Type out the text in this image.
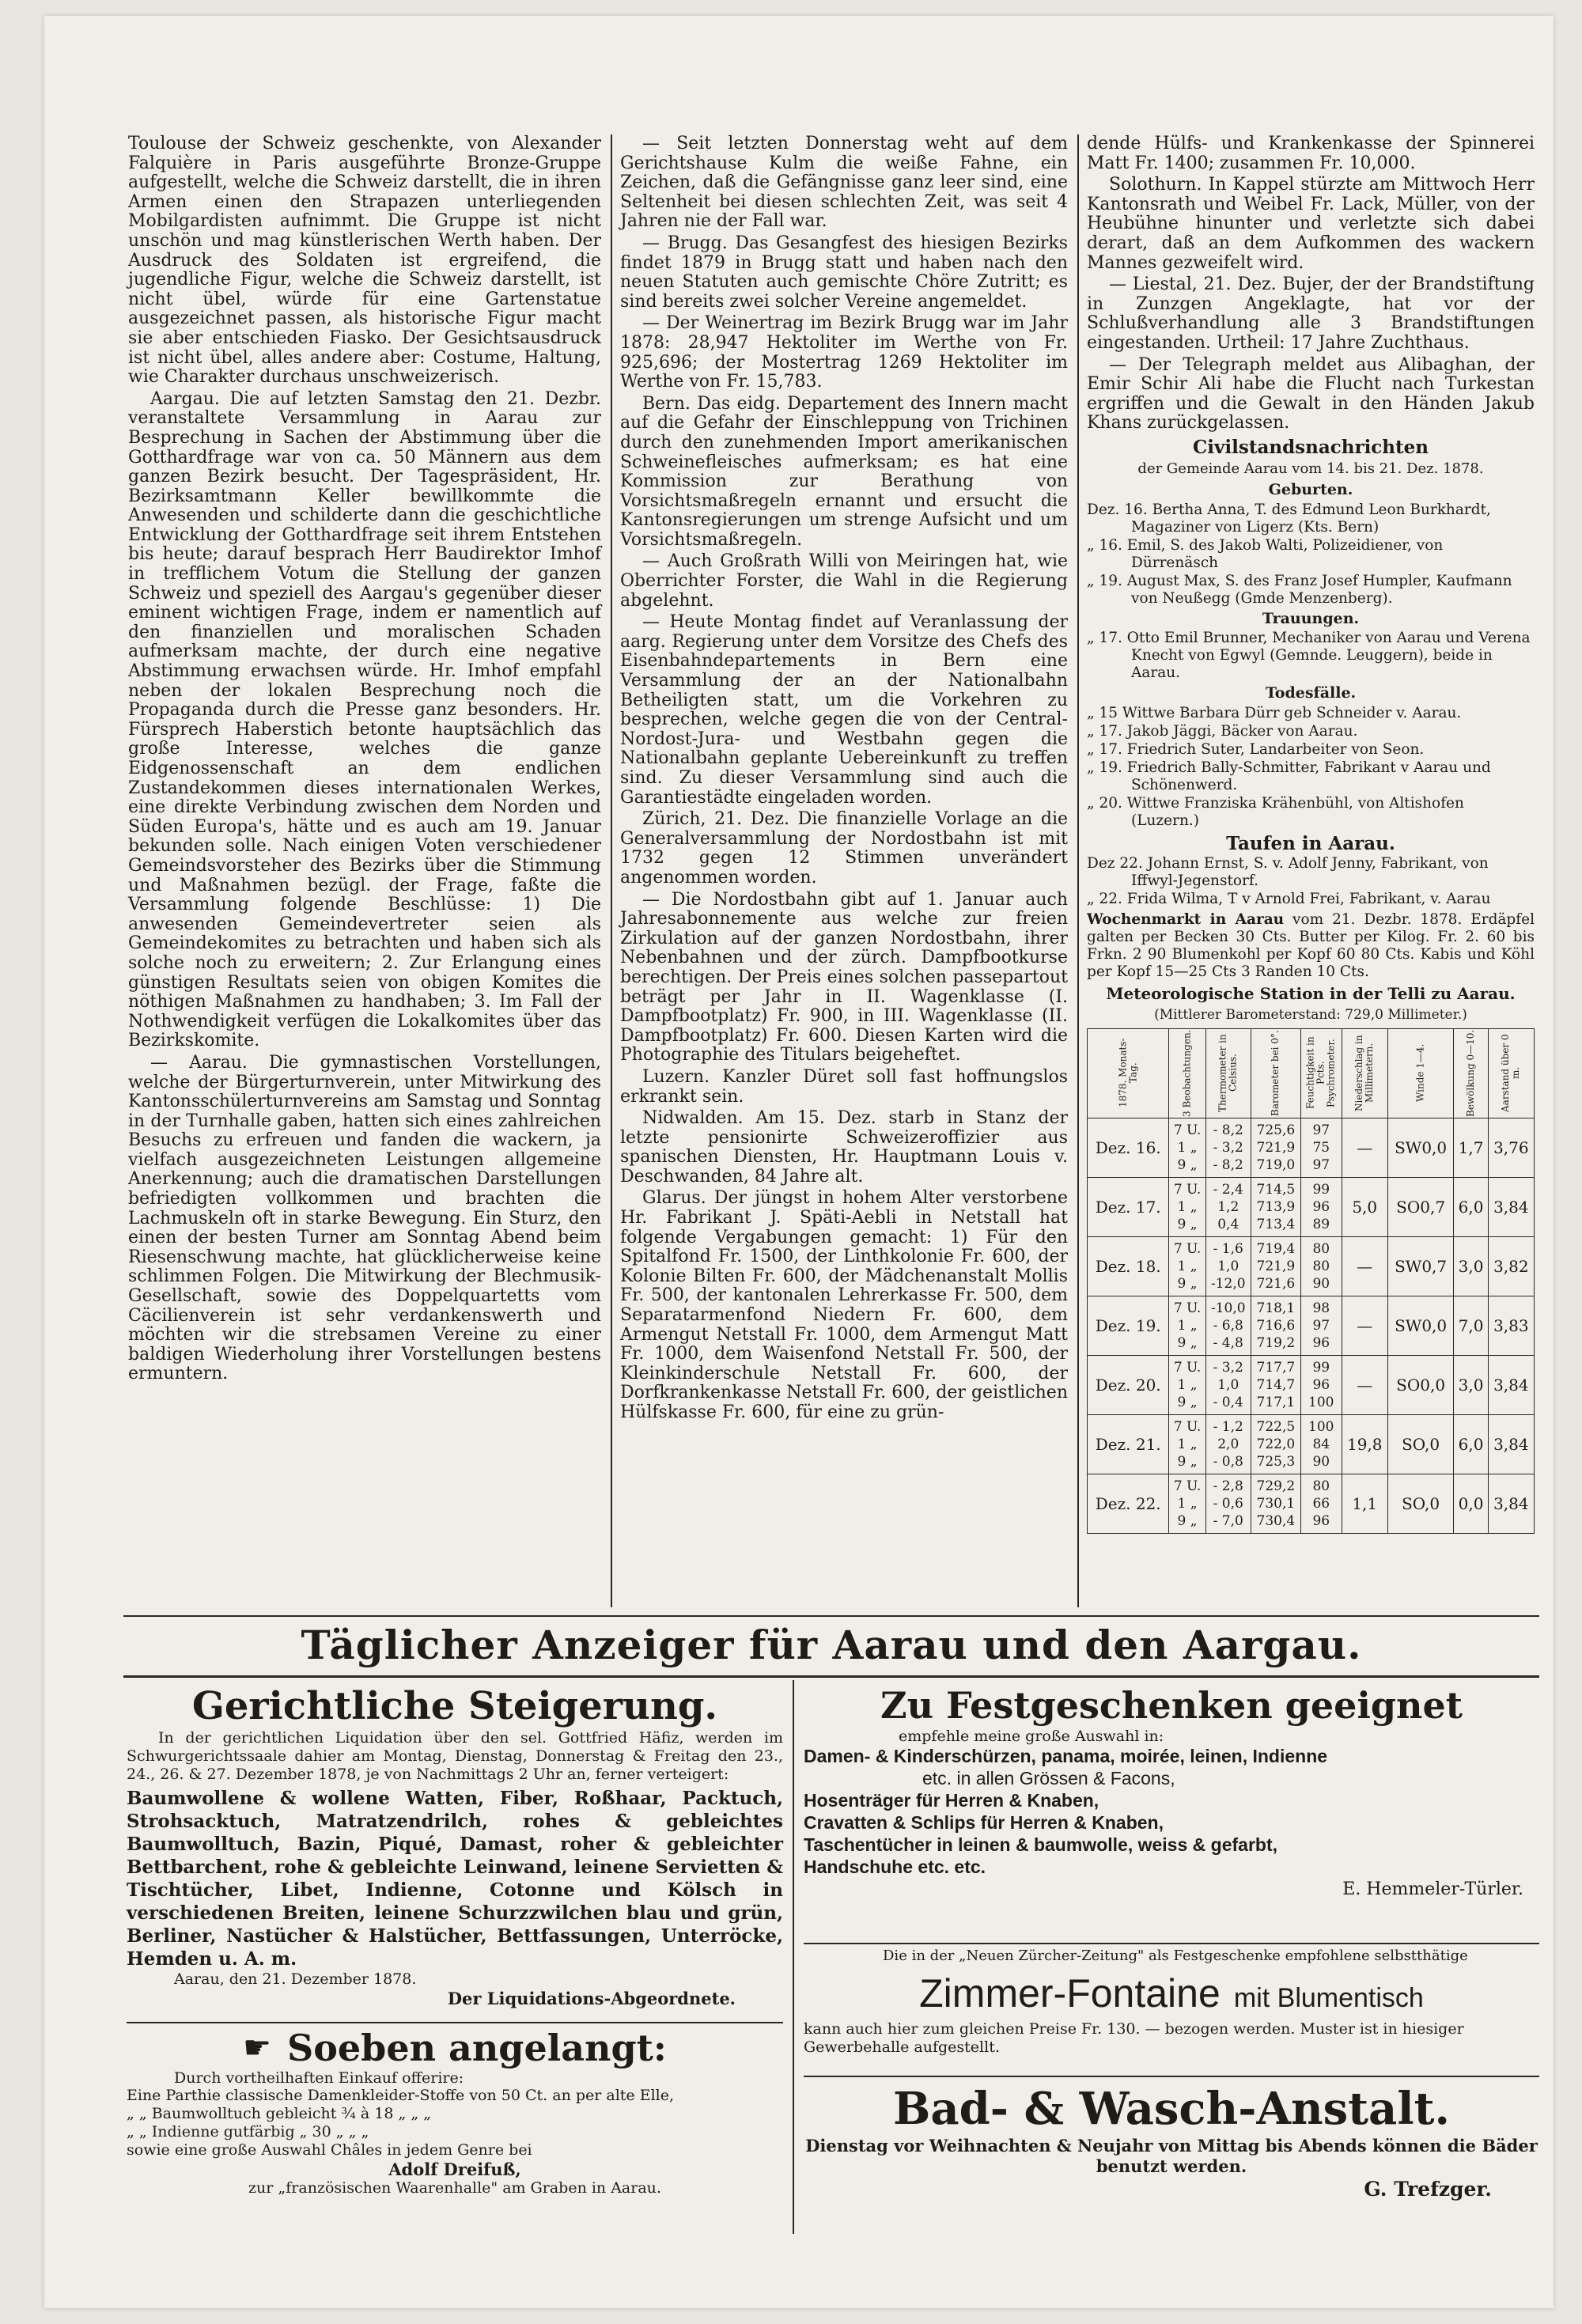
Toulouse der Schweiz geschenkte, von Alexander Falquière in Paris ausgeführte Bronze-Gruppe aufgestellt, welche die Schweiz darstellt, die in ihren Armen einen den Strapazen unterliegenden Mobilgardisten aufnimmt. Die Gruppe ist nicht unschön und mag künstlerischen Werth haben. Der Ausdruck des Soldaten ist ergreifend, die jugendliche Figur, welche die Schweiz darstellt, ist nicht übel, würde für eine Gartenstatue ausgezeichnet passen, als historische Figur macht sie aber entschieden Fiasko. Der Gesichtsausdruck ist nicht übel, alles andere aber: Costume, Haltung, wie Charakter durchaus unschweizerisch.

Aargau. Die auf letzten Samstag den 21. Dezbr. veranstaltete Versammlung in Aarau zur Besprechung in Sachen der Abstimmung über die Gotthardfrage war von ca. 50 Männern aus dem ganzen Bezirk besucht. Der Tagespräsident, Hr. Bezirksamtmann Keller bewillkommte die Anwesenden und schilderte dann die geschichtliche Entwicklung der Gotthardfrage seit ihrem Entstehen bis heute; darauf besprach Herr Baudirektor Imhof in trefflichem Votum die Stellung der ganzen Schweiz und speziell des Aargau's gegenüber dieser eminent wichtigen Frage, indem er namentlich auf den finanziellen und moralischen Schaden aufmerksam machte, der durch eine negative Abstimmung erwachsen würde. Hr. Imhof empfahl neben der lokalen Besprechung noch die Propaganda durch die Presse ganz besonders. Hr. Fürsprech Haberstich betonte hauptsächlich das große Interesse, welches die ganze Eidgenossenschaft an dem endlichen Zustandekommen dieses internationalen Werkes, eine direkte Verbindung zwischen dem Norden und Süden Europa's, hätte und es auch am 19. Januar bekunden solle. Nach einigen Voten verschiedener Gemeindsvorsteher des Bezirks über die Stimmung und Maßnahmen bezügl. der Frage, faßte die Versammlung folgende Beschlüsse: 1) Die anwesenden Gemeindevertreter seien als Gemeindekomites zu betrachten und haben sich als solche noch zu erweitern; 2. Zur Erlangung eines günstigen Resultats seien von obigen Komites die nöthigen Maßnahmen zu handhaben; 3. Im Fall der Nothwendigkeit verfügen die Lokalkomites über das Bezirkskomite.

— Aarau. Die gymnastischen Vorstellungen, welche der Bürgerturnverein, unter Mitwirkung des Kantonsschülerturnvereins am Samstag und Sonntag in der Turnhalle gaben, hatten sich eines zahlreichen Besuchs zu erfreuen und fanden die wackern, ja vielfach ausgezeichneten Leistungen allgemeine Anerkennung; auch die dramatischen Darstellungen befriedigten vollkommen und brachten die Lachmuskeln oft in starke Bewegung. Ein Sturz, den einen der besten Turner am Sonntag Abend beim Riesenschwung machte, hat glücklicherweise keine schlimmen Folgen. Die Mitwirkung der Blechmusik-Gesellschaft, sowie des Doppelquartetts vom Cäcilienverein ist sehr verdankenswerth und möchten wir die strebsamen Vereine zu einer baldigen Wiederholung ihrer Vorstellungen bestens ermuntern.

— Seit letzten Donnerstag weht auf dem Gerichtshause Kulm die weiße Fahne, ein Zeichen, daß die Gefängnisse ganz leer sind, eine Seltenheit bei diesen schlechten Zeit, was seit 4 Jahren nie der Fall war.

— Brugg. Das Gesangfest des hiesigen Bezirks findet 1879 in Brugg statt und haben nach den neuen Statuten auch gemischte Chöre Zutritt; es sind bereits zwei solcher Vereine angemeldet.

— Der Weinertrag im Bezirk Brugg war im Jahr 1878: 28,947 Hektoliter im Werthe von Fr. 925,696; der Mostertrag 1269 Hektoliter im Werthe von Fr. 15,783.

Bern. Das eidg. Departement des Innern macht auf die Gefahr der Einschleppung von Trichinen durch den zunehmenden Import amerikanischen Schweinefleisches aufmerksam; es hat eine Kommission zur Berathung von Vorsichtsmaßregeln ernannt und ersucht die Kantonsregierungen um strenge Aufsicht und um Vorsichtsmaßregeln.

— Auch Großrath Willi von Meiringen hat, wie Oberrichter Forster, die Wahl in die Regierung abgelehnt.

— Heute Montag findet auf Veranlassung der aarg. Regierung unter dem Vorsitze des Chefs des Eisenbahndepartements in Bern eine Versammlung der an der Nationalbahn Betheiligten statt, um die Vorkehren zu besprechen, welche gegen die von der Central-Nordost-Jura- und Westbahn gegen die Nationalbahn geplante Uebereinkunft zu treffen sind. Zu dieser Versammlung sind auch die Garantiestädte eingeladen worden.

Zürich, 21. Dez. Die finanzielle Vorlage an die Generalversammlung der Nordostbahn ist mit 1732 gegen 12 Stimmen unverändert angenommen worden.

— Die Nordostbahn gibt auf 1. Januar auch Jahresabonnemente aus welche zur freien Zirkulation auf der ganzen Nordostbahn, ihrer Nebenbahnen und der zürch. Dampfbootkurse berechtigen. Der Preis eines solchen passepartout beträgt per Jahr in II. Wagenklasse (I. Dampfbootplatz) Fr. 900, in III. Wagenklasse (II. Dampfbootplatz) Fr. 600. Diesen Karten wird die Photographie des Titulars beigeheftet.

Luzern. Kanzler Düret soll fast hoffnungslos erkrankt sein.

Nidwalden. Am 15. Dez. starb in Stanz der letzte pensionirte Schweizeroffizier aus spanischen Diensten, Hr. Hauptmann Louis v. Deschwanden, 84 Jahre alt.

Glarus. Der jüngst in hohem Alter verstorbene Hr. Fabrikant J. Späti-Aebli in Netstall hat folgende Vergabungen gemacht: 1) Für den Spitalfond Fr. 1500, der Linthkolonie Fr. 600, der Kolonie Bilten Fr. 600, der Mädchenanstalt Mollis Fr. 500, der kantonalen Lehrerkasse Fr. 500, dem Separatarmenfond Niedern Fr. 600, dem Armengut Netstall Fr. 1000, dem Armengut Matt Fr. 1000, dem Waisenfond Netstall Fr. 500, der Kleinkinderschule Netstall Fr. 600, der Dorfkrankenkasse Netstall Fr. 600, der geistlichen Hülfskasse Fr. 600, für eine zu grün-

dende Hülfs- und Krankenkasse der Spinnerei Matt Fr. 1400; zusammen Fr. 10,000.

Solothurn. In Kappel stürzte am Mittwoch Herr Kantonsrath und Weibel Fr. Lack, Müller, von der Heubühne hinunter und verletzte sich dabei derart, daß an dem Aufkommen des wackern Mannes gezweifelt wird.

— Liestal, 21. Dez. Bujer, der der Brandstiftung in Zunzgen Angeklagte, hat vor der Schlußverhandlung alle 3 Brandstiftungen eingestanden. Urtheil: 17 Jahre Zuchthaus.

— Der Telegraph meldet aus Alibaghan, der Emir Schir Ali habe die Flucht nach Turkestan ergriffen und die Gewalt in den Händen Jakub Khans zurückgelassen.

Civilstandsnachrichten
der Gemeinde Aarau vom 14. bis 21. Dez. 1878.
Geburten.
Dez. 16. Bertha Anna, T. des Edmund Leon Burkhardt, Magaziner von Ligerz (Kts. Bern)
„ 16. Emil, S. des Jakob Walti, Polizeidiener, von Dürrenäsch
„ 19. August Max, S. des Franz Josef Humpler, Kaufmann von Neußegg (Gmde Menzenberg).
Trauungen.
„ 17. Otto Emil Brunner, Mechaniker von Aarau und Verena Knecht von Egwyl (Gemnde. Leuggern), beide in Aarau.
Todesfälle.
„ 15 Wittwe Barbara Dürr geb Schneider v. Aarau.
„ 17. Jakob Jäggi, Bäcker von Aarau.
„ 17. Friedrich Suter, Landarbeiter von Seon.
„ 19. Friedrich Bally-Schmitter, Fabrikant v Aarau und Schönenwerd.
„ 20. Wittwe Franziska Krähenbühl, von Altishofen (Luzern.)
Taufen in Aarau.
Dez 22. Johann Ernst, S. v. Adolf Jenny, Fabrikant, von Iffwyl-Jegenstorf.
„ 22. Frida Wilma, T v Arnold Frei, Fabrikant, v. Aarau
Wochenmarkt in Aarau vom 21. Dezbr. 1878. Erdäpfel galten per Becken 30 Cts. Butter per Kilog. Fr. 2. 60 bis Frkn. 2 90 Blumenkohl per Kopf 60 80 Cts. Kabis und Köhl per Kopf 15—25 Cts 3 Randen 10 Cts.
Meteorologische Station in der Telli zu Aarau.
(Mittlerer Barometerstand: 729,0 Millimeter.)
1878. Monats-Tag.	3 Beobachtungen.	Thermometer in Celsius.	Barometer bei 0°.	Feuchtigkeit in Pcts. Psychrometer.	Niederschlag in Millimetern.	Winde 1—4.	Bewölkung 0—10.	Aarstand über 0 m.
Dez. 16.	7 U.
1 „
9 „	- 8,2
- 3,2
- 8,2	725,6
721,9
719,0	97
75
97	—	SW0,0	1,7	3,76
Dez. 17.	7 U.
1 „
9 „	- 2,4
1,2
0,4	714,5
713,9
713,4	99
96
89	5,0	SO0,7	6,0	3,84
Dez. 18.	7 U.
1 „
9 „	- 1,6
1,0
-12,0	719,4
721,9
721,6	80
80
90	—	SW0,7	3,0	3,82
Dez. 19.	7 U.
1 „
9 „	-10,0
- 6,8
- 4,8	718,1
716,6
719,2	98
97
96	—	SW0,0	7,0	3,83
Dez. 20.	7 U.
1 „
9 „	- 3,2
1,0
- 0,4	717,7
714,7
717,1	99
96
100	—	SO0,0	3,0	3,84
Dez. 21.	7 U.
1 „
9 „	- 1,2
2,0
- 0,8	722,5
722,0
725,3	100
84
90	19,8	SO,0	6,0	3,84
Dez. 22.	7 U.
1 „
9 „	- 2,8
- 0,6
- 7,0	729,2
730,1
730,4	80
66
96	1,1	SO,0	0,0	3,84
Täglicher Anzeiger für Aarau und den Aargau.
Gerichtliche Steigerung.
In der gerichtlichen Liquidation über den sel. Gottfried Häfiz, werden im Schwurgerichtssaale dahier am Montag, Dienstag, Donnerstag & Freitag den 23., 24., 26. & 27. Dezember 1878, je von Nachmittags 2 Uhr an, ferner verteigert:
Baumwollene & wollene Watten, Fiber, Roßhaar, Packtuch, Strohsacktuch, Matratzendrilch, rohes & gebleichtes Baumwolltuch, Bazin, Piqué, Damast, roher & gebleichter Bettbarchent, rohe & gebleichte Leinwand, leinene Servietten & Tischtücher, Libet, Indienne, Cotonne und Kölsch in verschiedenen Breiten, leinene Schurzzwilchen blau und grün, Berliner, Nastücher & Halstücher, Bettfassungen, Unterröcke, Hemden u. A. m.
Aarau, den 21. Dezember 1878.
Der Liquidations-Abgeordnete.
☛ Soeben angelangt:
Durch vortheilhaften Einkauf offerire:
Eine Parthie classische Damenkleider-Stoffe von 50 Ct. an per alte Elle,
„ „ Baumwolltuch gebleicht ¾ à 18 „ „ „
„ „ Indienne gutfärbig „ 30 „ „ „
sowie eine große Auswahl Châles in jedem Genre bei
Adolf Dreifuß,
zur „französischen Waarenhalle" am Graben in Aarau.
Zu Festgeschenken geeignet
empfehle meine große Auswahl in:
Damen- & Kinderschürzen, panama, moirée, leinen, Indienne
etc. in allen Grössen & Facons,
Hosenträger für Herren & Knaben,
Cravatten & Schlips für Herren & Knaben,
Taschentücher in leinen & baumwolle, weiss & gefarbt,
Handschuhe etc. etc.
E. Hemmeler-Türler.
Die in der „Neuen Zürcher-Zeitung" als Festgeschenke empfohlene selbstthätige
Zimmer-Fontaine mit Blumentisch
kann auch hier zum gleichen Preise Fr. 130. — bezogen werden. Muster ist in hiesiger Gewerbehalle aufgestellt.
Bad- & Wasch-Anstalt.
Dienstag vor Weihnachten & Neujahr von Mittag bis Abends können die Bäder benutzt werden.
G. Trefzger.
